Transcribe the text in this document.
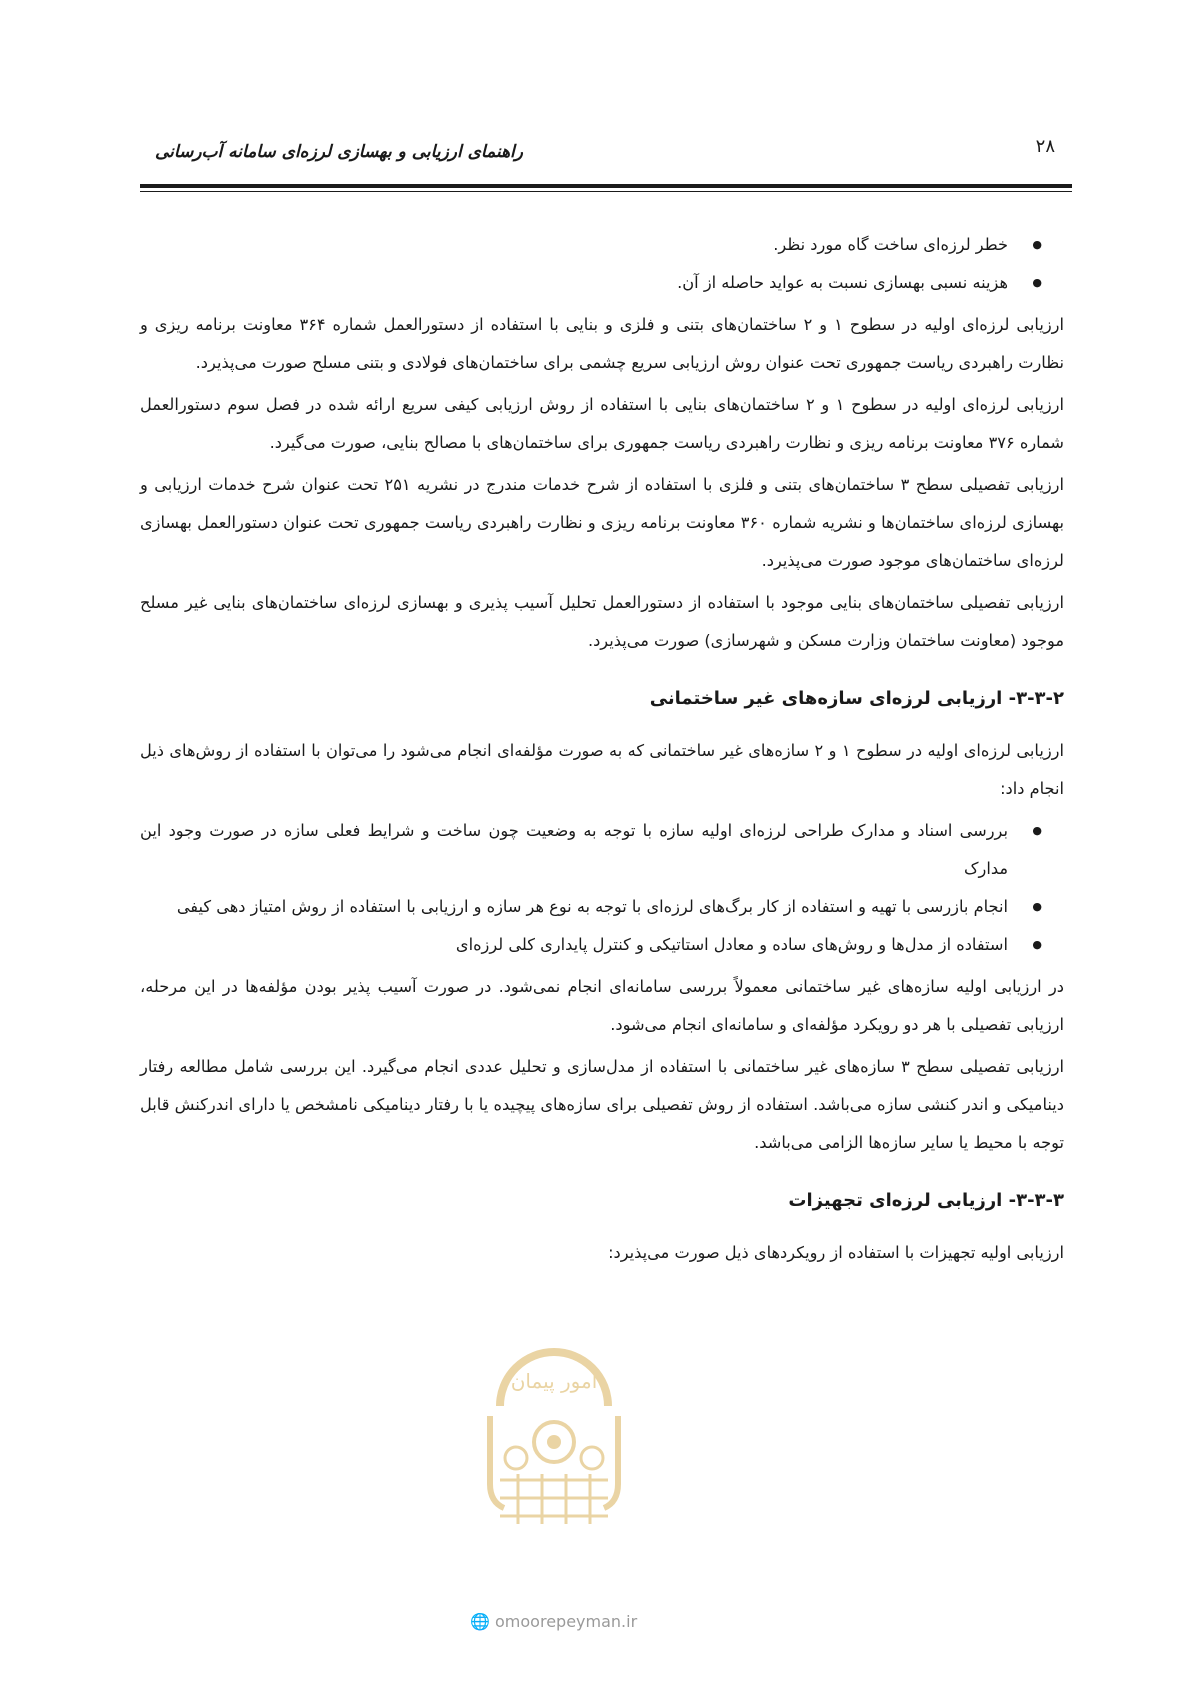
۲۸
راهنمای ارزیابی و بهسازی لرزه‌ای سامانه آب‌رسانی
● خطر لرزه‌ای ساخت گاه مورد نظر.
● هزینه نسبی بهسازی نسبت به عواید حاصله از آن.

ارزیابی لرزه‌ای اولیه در سطوح ۱ و ۲ ساختمان‌های بتنی و فلزی و بنایی با استفاده از دستورالعمل شماره ۳۶۴ معاونت برنامه ریزی و نظارت راهبردی ریاست جمهوری تحت عنوان روش ارزیابی سریع چشمی برای ساختمان‌های فولادی و بتنی مسلح صورت می‌پذیرد.

ارزیابی لرزه‌ای اولیه در سطوح ۱ و ۲ ساختمان‌های بنایی با استفاده از روش ارزیابی کیفی سریع ارائه شده در فصل سوم دستورالعمل شماره ۳۷۶ معاونت برنامه ریزی و نظارت راهبردی ریاست جمهوری برای ساختمان‌های با مصالح بنایی، صورت می‌گیرد.

ارزیابی تفصیلی سطح ۳ ساختمان‌های بتنی و فلزی با استفاده از شرح خدمات مندرج در نشریه ۲۵۱ تحت عنوان شرح خدمات ارزیابی و بهسازی لرزه‌ای ساختمان‌ها و نشریه شماره ۳۶۰ معاونت برنامه ریزی و نظارت راهبردی ریاست جمهوری تحت عنوان دستورالعمل بهسازی لرزه‌ای ساختمان‌های موجود صورت می‌پذیرد.

ارزیابی تفصیلی ساختمان‌های بنایی موجود با استفاده از دستورالعمل تحلیل آسیب پذیری و بهسازی لرزه‌ای ساختمان‌های بنایی غیر مسلح موجود (معاونت ساختمان وزارت مسکن و شهرسازی) صورت می‌پذیرد.

۳-۳-۲- ارزیابی لرزه‌ای سازه‌های غیر ساختمانی

ارزیابی لرزه‌ای اولیه در سطوح ۱ و ۲ سازه‌های غیر ساختمانی که به صورت مؤلفه‌ای انجام می‌شود را می‌توان با استفاده از روش‌های ذیل انجام داد:

● بررسی اسناد و مدارک طراحی لرزه‌ای اولیه سازه با توجه به وضعیت چون ساخت و شرایط فعلی سازه در صورت وجود این مدارک
● انجام بازرسی با تهیه و استفاده از کار برگ‌های لرزه‌ای با توجه به نوع هر سازه و ارزیابی با استفاده از روش امتیاز دهی کیفی
● استفاده از مدل‌ها و روش‌های ساده و معادل استاتیکی و کنترل پایداری کلی لرزه‌ای

در ارزیابی اولیه سازه‌های غیر ساختمانی معمولاً بررسی سامانه‌ای انجام نمی‌شود. در صورت آسیب پذیر بودن مؤلفه‌ها در این مرحله، ارزیابی تفصیلی با هر دو رویکرد مؤلفه‌ای و سامانه‌ای انجام می‌شود.

ارزیابی تفصیلی سطح ۳ سازه‌های غیر ساختمانی با استفاده از مدل‌سازی و تحلیل عددی انجام می‌گیرد. این بررسی شامل مطالعه رفتار دینامیکی و اندر کنشی سازه می‌باشد. استفاده از روش تفصیلی برای سازه‌های پیچیده یا با رفتار دینامیکی نامشخص یا دارای اندرکنش قابل توجه با محیط یا سایر سازه‌ها الزامی می‌باشد.

۳-۳-۳- ارزیابی لرزه‌ای تجهیزات

ارزیابی اولیه تجهیزات با استفاده از رویکردهای ذیل صورت می‌پذیرد:

امور پیمان
🌐 omoorepeyman.ir
